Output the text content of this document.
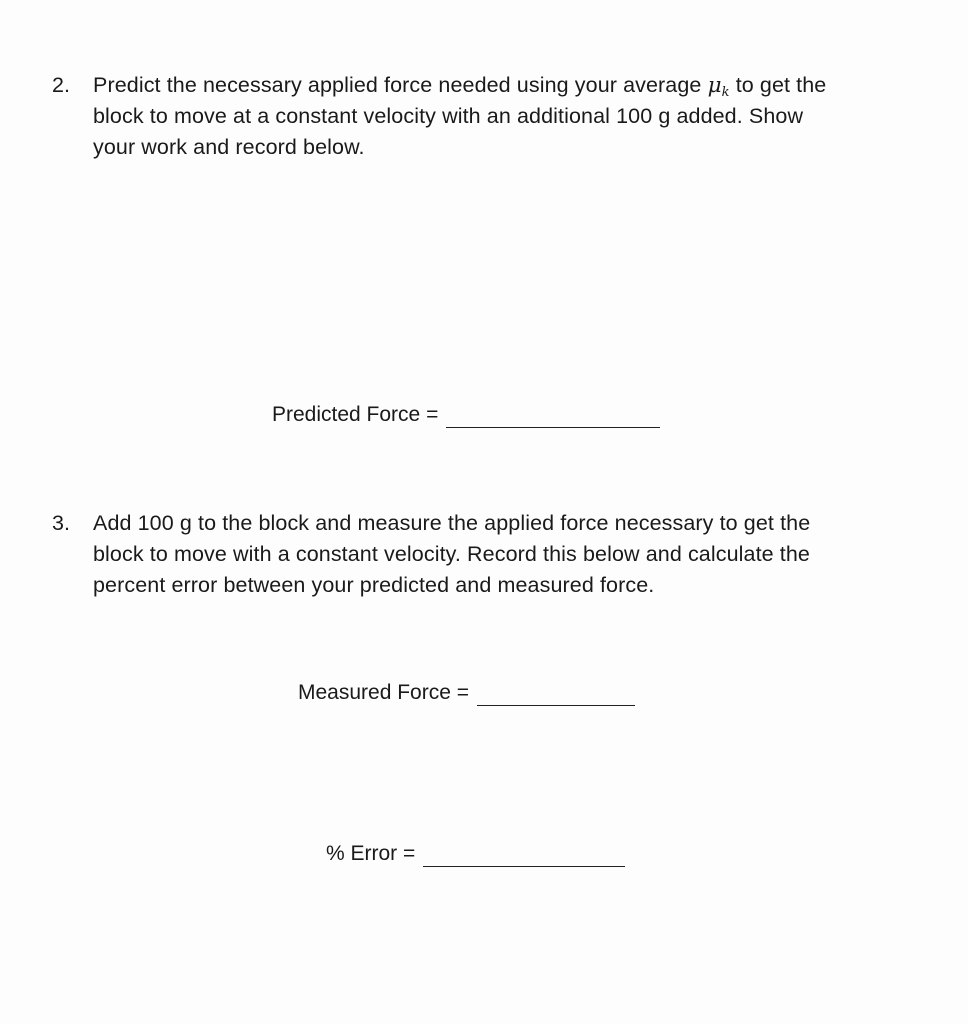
2.	Predict the necessary applied force needed using your average $\mu_k$ to get the
block to move at a constant velocity with an additional 100 g added. Show
your work and record below.
Predicted Force =
3.	Add 100 g to the block and measure the applied force necessary to get the
block to move with a constant velocity. Record this below and calculate the
percent error between your predicted and measured force.
Measured Force =
% Error =
